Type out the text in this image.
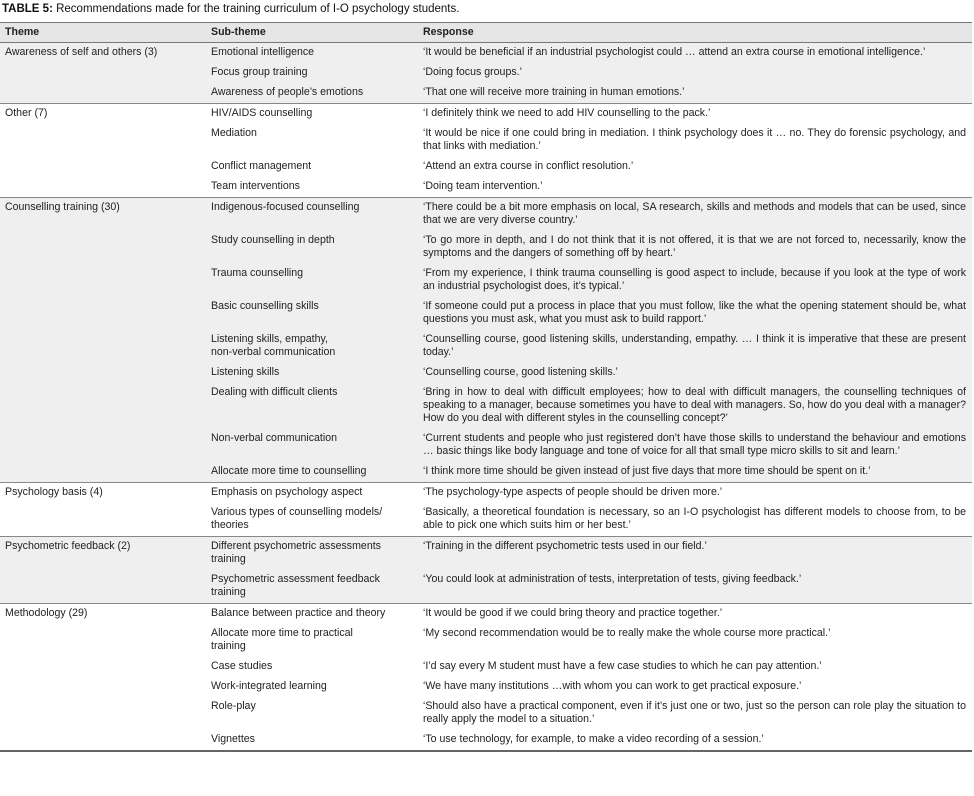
TABLE 5: Recommendations made for the training curriculum of I-O psychology students.
Theme	Sub-theme	Response
Awareness of self and others (3)	Emotional intelligence	‘It would be beneficial if an industrial psychologist could … attend an extra course in emotional intelligence.’
	Focus group training	‘Doing focus groups.’
	Awareness of people’s emotions	‘That one will receive more training in human emotions.’
Other (7)	HIV/AIDS counselling	‘I definitely think we need to add HIV counselling to the pack.’
	Mediation	‘It would be nice if one could bring in mediation. I think psychology does it … no. They do forensic psychology, and that links with mediation.’
	Conflict management	‘Attend an extra course in conflict resolution.’
	Team interventions	‘Doing team intervention.’
Counselling training (30)	Indigenous-focused counselling	‘There could be a bit more emphasis on local, SA research, skills and methods and models that can be used, since that we are very diverse country.’
	Study counselling in depth	‘To go more in depth, and I do not think that it is not offered, it is that we are not forced to, necessarily, know the symptoms and the dangers of something off by heart.’
	Trauma counselling	‘From my experience, I think trauma counselling is good aspect to include, because if you look at the type of work an industrial psychologist does, it’s typical.’
	Basic counselling skills	‘If someone could put a process in place that you must follow, like the what the opening statement should be, what questions you must ask, what you must ask to build rapport.’
	Listening skills, empathy,
non-verbal communication	‘Counselling course, good listening skills, understanding, empathy. … I think it is imperative that these are present today.’
	Listening skills	‘Counselling course, good listening skills.’
	Dealing with difficult clients	‘Bring in how to deal with difficult employees; how to deal with difficult managers, the counselling techniques of speaking to a manager, because sometimes you have to deal with managers. So, how do you deal with a manager? How do you deal with different styles in the counselling concept?’
	Non-verbal communication	‘Current students and people who just registered don’t have those skills to understand the behaviour and emotions … basic things like body language and tone of voice for all that small type micro skills to sit and learn.’
	Allocate more time to counselling	‘I think more time should be given instead of just five days that more time should be spent on it.’
Psychology basis (4)	Emphasis on psychology aspect	‘The psychology-type aspects of people should be driven more.’
	Various types of counselling models/
theories	‘Basically, a theoretical foundation is necessary, so an I-O psychologist has different models to choose from, to be able to pick one which suits him or her best.’
Psychometric feedback (2)	Different psychometric assessments
training	‘Training in the different psychometric tests used in our field.’
	Psychometric assessment feedback
training	‘You could look at administration of tests, interpretation of tests, giving feedback.’
Methodology (29)	Balance between practice and theory	‘It would be good if we could bring theory and practice together.’
	Allocate more time to practical
training	‘My second recommendation would be to really make the whole course more practical.’
	Case studies	‘I’d say every M student must have a few case studies to which he can pay attention.’
	Work-integrated learning	‘We have many institutions …with whom you can work to get practical exposure.’
	Role-play	‘Should also have a practical component, even if it’s just one or two, just so the person can role play the situation to really apply the model to a situation.’
	Vignettes	‘To use technology, for example, to make a video recording of a session.’
